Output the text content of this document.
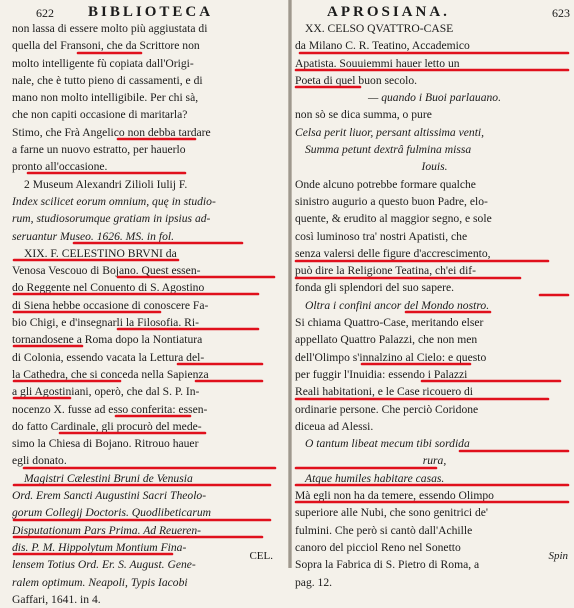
622 BIBLIOTECA
non lassa di essere molto più aggiustata di
quella del Fransoni, che da Scrittore non
molto intelligente fù copiata dall'Origi-
nale, che è tutto pieno di cassamenti, e di
mano non molto intelligibile. Per chi sà,
che non capiti occasione di maritarla?
Stimo, che Frà Angelico non debba tardare
a farne un nuovo estratto, per hauerlo
pronto all'occasione.
2 Museum Alexandri Zilioli Iulij F.
Index scilicet eorum omnium, quę in studio-
rum, studiosorumque gratiam in ipsius ad-
seruantur Museo. 1626. MS. in fol.
XIX. F. CELESTINO BRVNI da
Venosa Vescouo di Bojano. Quest essen-
do Reggente nel Conuento di S. Agostino
di Siena hebbe occasione di conoscere Fa-
bio Chigi, e d'insegnarli la Filosofia. Ri-
tornandosene a Roma dopo la Nontiatura
di Colonia, essendo vacata la Lettura del-
la Cathedra, che si conceda nella Sapienza
a gli Agostiniani, operò, che dal S. P. In-
nocenzo X. fusse ad esso conferita: essen-
do fatto Cardinale, gli procurò del mede-
simo la Chiesa di Bojano. Ritrouo hauer
egli donato.
Magistri Cælestini Bruni de Venusia
Ord. Erem Sancti Augustini Sacri Theolo-
gorum Collegij Doctoris. Quodlibeticarum
Disputationum Pars Prima. Ad Reueren-
dis. P. M. Hippolytum Montium Fina-
lensem Totius Ord. Er. S. August. Gene-
ralem optimum. Neapoli, Typis Iacobi
Gaffari, 1641. in 4.
CEL.
APROSIANA.	623
XX. CELSO QVATTRO-CASE
da Milano C. R. Teatino, Accademico
Apatista. Souuiemmi hauer letto un
Poeta di quel buon secolo.
— quando i Buoi parlauano.
non sò se dica summa, o pure
Celsa perit liuor, persant altissima venti,
Summa petunt dextrâ fulmina missa
Iouis.
Onde alcuno potrebbe formare qualche
sinistro augurio a questo buon Padre, elo-
quente, & erudito al maggior segno, e sole
così luminoso tra' nostri Apatisti, che
senza valersi delle figure d'accrescimento,
può dire la Religione Teatina, ch'ei dif-
fonda gli splendori del suo sapere.
Oltra i confini ancor del Mondo nostro.
Si chiama Quattro-Case, meritando elser
appellato Quattro Palazzi, che non men
dell'Olimpo s'innalzino al Cielo: e questo
per fuggir l'Inuidia: essendo i Palazzi
Reali habitationi, e le Case ricouero di
ordinarie persone. Che perciò Coridone
diceua ad Alessi.
O tantum libeat mecum tibi sordida
rura,
Atque humiles habitare casas.
Mà egli non ha da temere, essendo Olimpo
superiore alle Nubi, che sono genitrici de'
fulmini. Che però si cantò dall'Achille
canoro del picciol Reno nel Sonetto
Sopra la Fabrica di S. Pietro di Roma, a
pag. 12.
Spin
